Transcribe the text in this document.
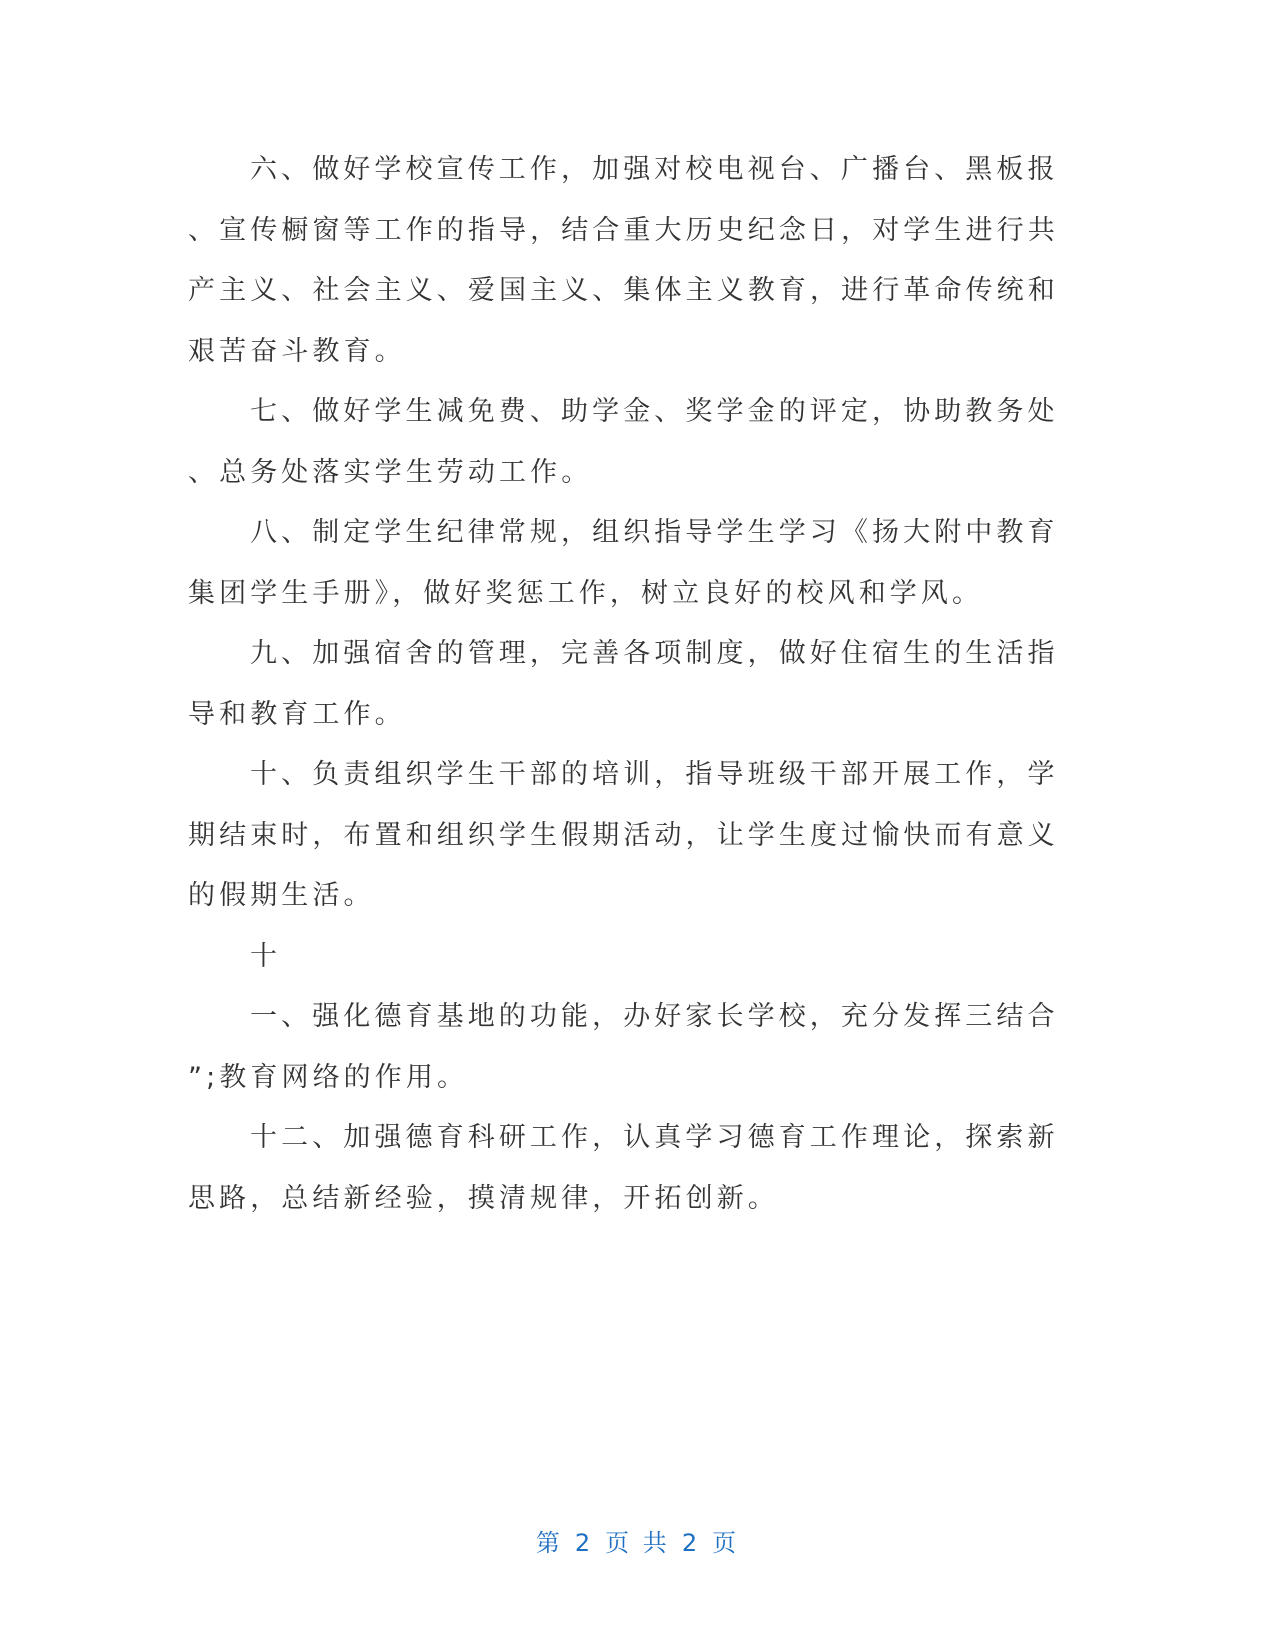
六、做好学校宣传工作，加强对校电视台、广播台、黑板报
、宣传橱窗等工作的指导，结合重大历史纪念日，对学生进行共
产主义、社会主义、爱国主义、集体主义教育，进行革命传统和
艰苦奋斗教育。

七、做好学生减免费、助学金、奖学金的评定，协助教务处
、总务处落实学生劳动工作。

八、制定学生纪律常规，组织指导学生学习《扬大附中教育
集团学生手册》，做好奖惩工作，树立良好的校风和学风。

九、加强宿舍的管理，完善各项制度，做好住宿生的生活指
导和教育工作。

十、负责组织学生干部的培训，指导班级干部开展工作，学
期结束时，布置和组织学生假期活动，让学生度过愉快而有意义
的假期生活。

十

一、强化德育基地的功能，办好家长学校，充分发挥三结合
”;教育网络的作用。

十二、加强德育科研工作，认真学习德育工作理论，探索新
思路，总结新经验，摸清规律，开拓创新。

第 2 页 共 2 页
